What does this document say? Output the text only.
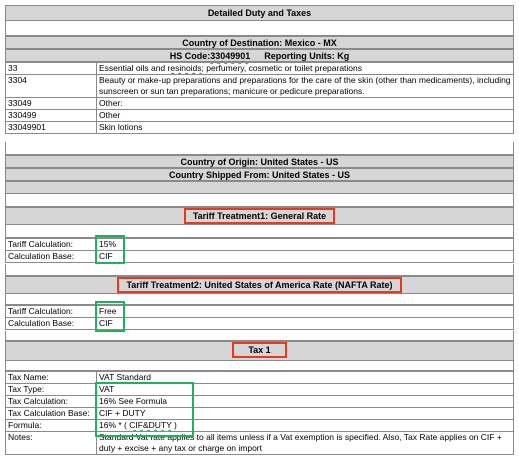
Detailed Duty and Taxes
Country of Destination: Mexico - MX
HS Code:33049901 Reporting Units: Kg
33	Essential oils and resinoids; perfumery, cosmetic or toilet preparations
3304	Beauty or make-up preparations and preparations for the care of the skin (other than medicaments), including sunscreen or sun tan preparations; manicure or pedicure preparations.
33049	Other:
330499	Other
33049901	Skin lotions
Country of Origin: United States - US
Country Shipped From: United States - US
Tariff Treatment1: General Rate
Tariff Calculation:	15%
Calculation Base:	CIF
Tariff Treatment2: United States of America Rate (NAFTA Rate)
Tariff Calculation:	Free
Calculation Base:	CIF
Tax 1
Tax Name:	VAT Standard
Tax Type:	VAT
Tax Calculation:	16% See Formula
Tax Calculation Base:	CIF + DUTY
Formula:	16% * ( CIF&DUTY )
Notes:	Standard Vat rate applies to all items unless if a Vat exemption is specified. Also, Tax Rate applies on CIF + duty + excise + any tax or charge on import
